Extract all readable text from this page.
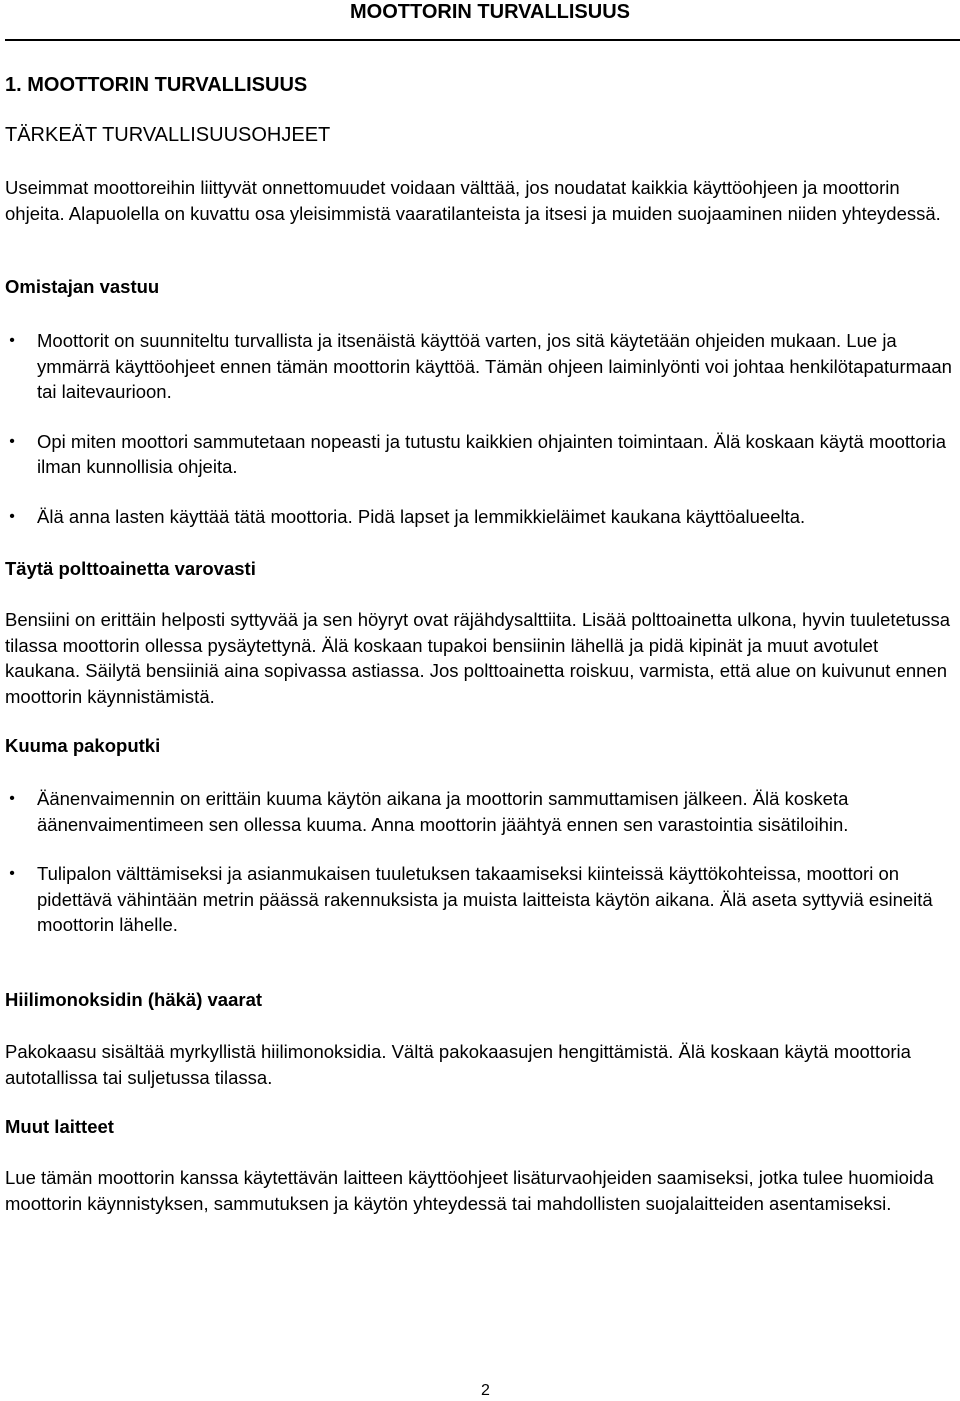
MOOTTORIN TURVALLISUUS
1. MOOTTORIN TURVALLISUUS
TÄRKEÄT TURVALLISUUSOHJEET
Useimmat moottoreihin liittyvät onnettomuudet voidaan välttää, jos noudatat kaikkia käyttöohjeen ja moottorin ohjeita. Alapuolella on kuvattu osa yleisimmistä vaaratilanteista ja itsesi ja muiden suojaaminen niiden yhteydessä.
Omistajan vastuu
• Moottorit on suunniteltu turvallista ja itsenäistä käyttöä varten, jos sitä käytetään ohjeiden mukaan. Lue ja ymmärrä käyttöohjeet ennen tämän moottorin käyttöä. Tämän ohjeen laiminlyönti voi johtaa henkilötapaturmaan tai laitevaurioon.
• Opi miten moottori sammutetaan nopeasti ja tutustu kaikkien ohjainten toimintaan. Älä koskaan käytä moottoria ilman kunnollisia ohjeita.
• Älä anna lasten käyttää tätä moottoria. Pidä lapset ja lemmikkieläimet kaukana käyttöalueelta.
Täytä polttoainetta varovasti
Bensiini on erittäin helposti syttyvää ja sen höyryt ovat räjähdysalttiita. Lisää polttoainetta ulkona, hyvin tuuletetussa tilassa moottorin ollessa pysäytettynä. Älä koskaan tupakoi bensiinin lähellä ja pidä kipinät ja muut avotulet kaukana. Säilytä bensiiniä aina sopivassa astiassa. Jos polttoainetta roiskuu, varmista, että alue on kuivunut ennen moottorin käynnistämistä.
Kuuma pakoputki
• Äänenvaimennin on erittäin kuuma käytön aikana ja moottorin sammuttamisen jälkeen. Älä kosketa äänenvaimentimeen sen ollessa kuuma. Anna moottorin jäähtyä ennen sen varastointia sisätiloihin.
• Tulipalon välttämiseksi ja asianmukaisen tuuletuksen takaamiseksi kiinteissä käyttökohteissa, moottori on pidettävä vähintään metrin päässä rakennuksista ja muista laitteista käytön aikana. Älä aseta syttyviä esineitä moottorin lähelle.
Hiilimonoksidin (häkä) vaarat
Pakokaasu sisältää myrkyllistä hiilimonoksidia. Vältä pakokaasujen hengittämistä. Älä koskaan käytä moottoria autotallissa tai suljetussa tilassa.
Muut laitteet
Lue tämän moottorin kanssa käytettävän laitteen käyttöohjeet lisäturvaohjeiden saamiseksi, jotka tulee huomioida moottorin käynnistyksen, sammutuksen ja käytön yhteydessä tai mahdollisten suojalaitteiden asentamiseksi.
2
